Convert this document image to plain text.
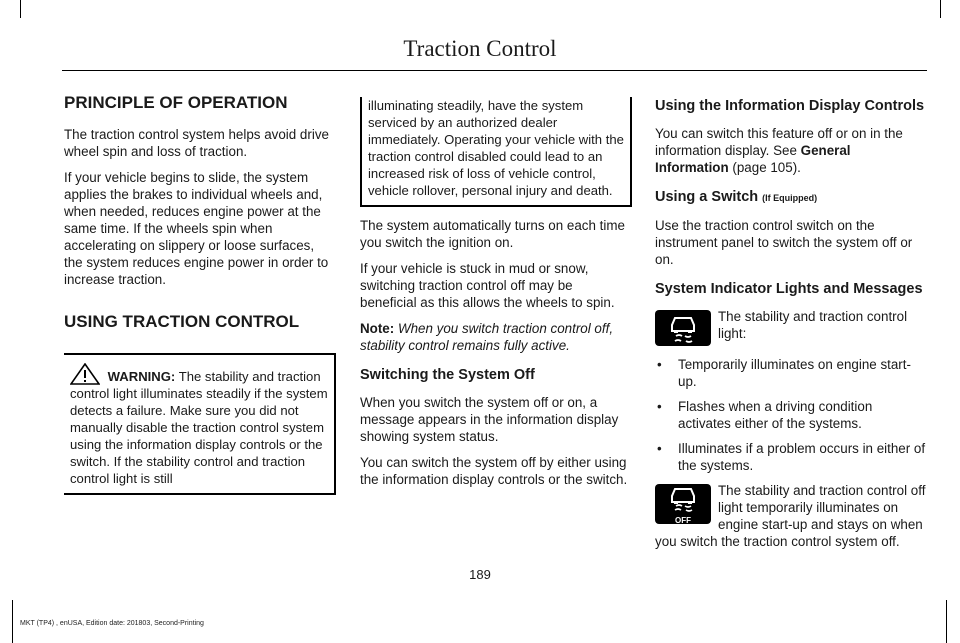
Traction Control
PRINCIPLE OF OPERATION

The traction control system helps avoid drive wheel spin and loss of traction.

If your vehicle begins to slide, the system applies the brakes to individual wheels and, when needed, reduces engine power at the same time. If the wheels spin when accelerating on slippery or loose surfaces, the system reduces engine power in order to increase traction.

USING TRACTION CONTROL
WARNING: The stability and traction control light illuminates steadily if the system detects a failure. Make sure you did not manually disable the traction control system using the information display controls or the switch. If the stability control and traction control light is still
illuminating steadily, have the system serviced by an authorized dealer immediately. Operating your vehicle with the traction control disabled could lead to an increased risk of loss of vehicle control, vehicle rollover, personal injury and death.

The system automatically turns on each time you switch the ignition on.

If your vehicle is stuck in mud or snow, switching traction control off may be beneficial as this allows the wheels to spin.

Note: When you switch traction control off, stability control remains fully active.

Switching the System Off

When you switch the system off or on, a message appears in the information display showing system status.

You can switch the system off by either using the information display controls or the switch.

Using the Information Display Controls

You can switch this feature off or on in the information display. See General Information (page 105).

Using a Switch (If Equipped)

Use the traction control switch on the instrument panel to switch the system off or on.

System Indicator Lights and Messages
The stability and traction control light:
• Temporarily illuminates on engine start-up.
• Flashes when a driving condition activates either of the systems.
• Illuminates if a problem occurs in either of the systems.
OFF
The stability and traction control off light temporarily illuminates on engine start-up and stays on when you switch the traction control system off.
189
MKT (TP4) , enUSA, Edition date: 201803, Second-Printing
